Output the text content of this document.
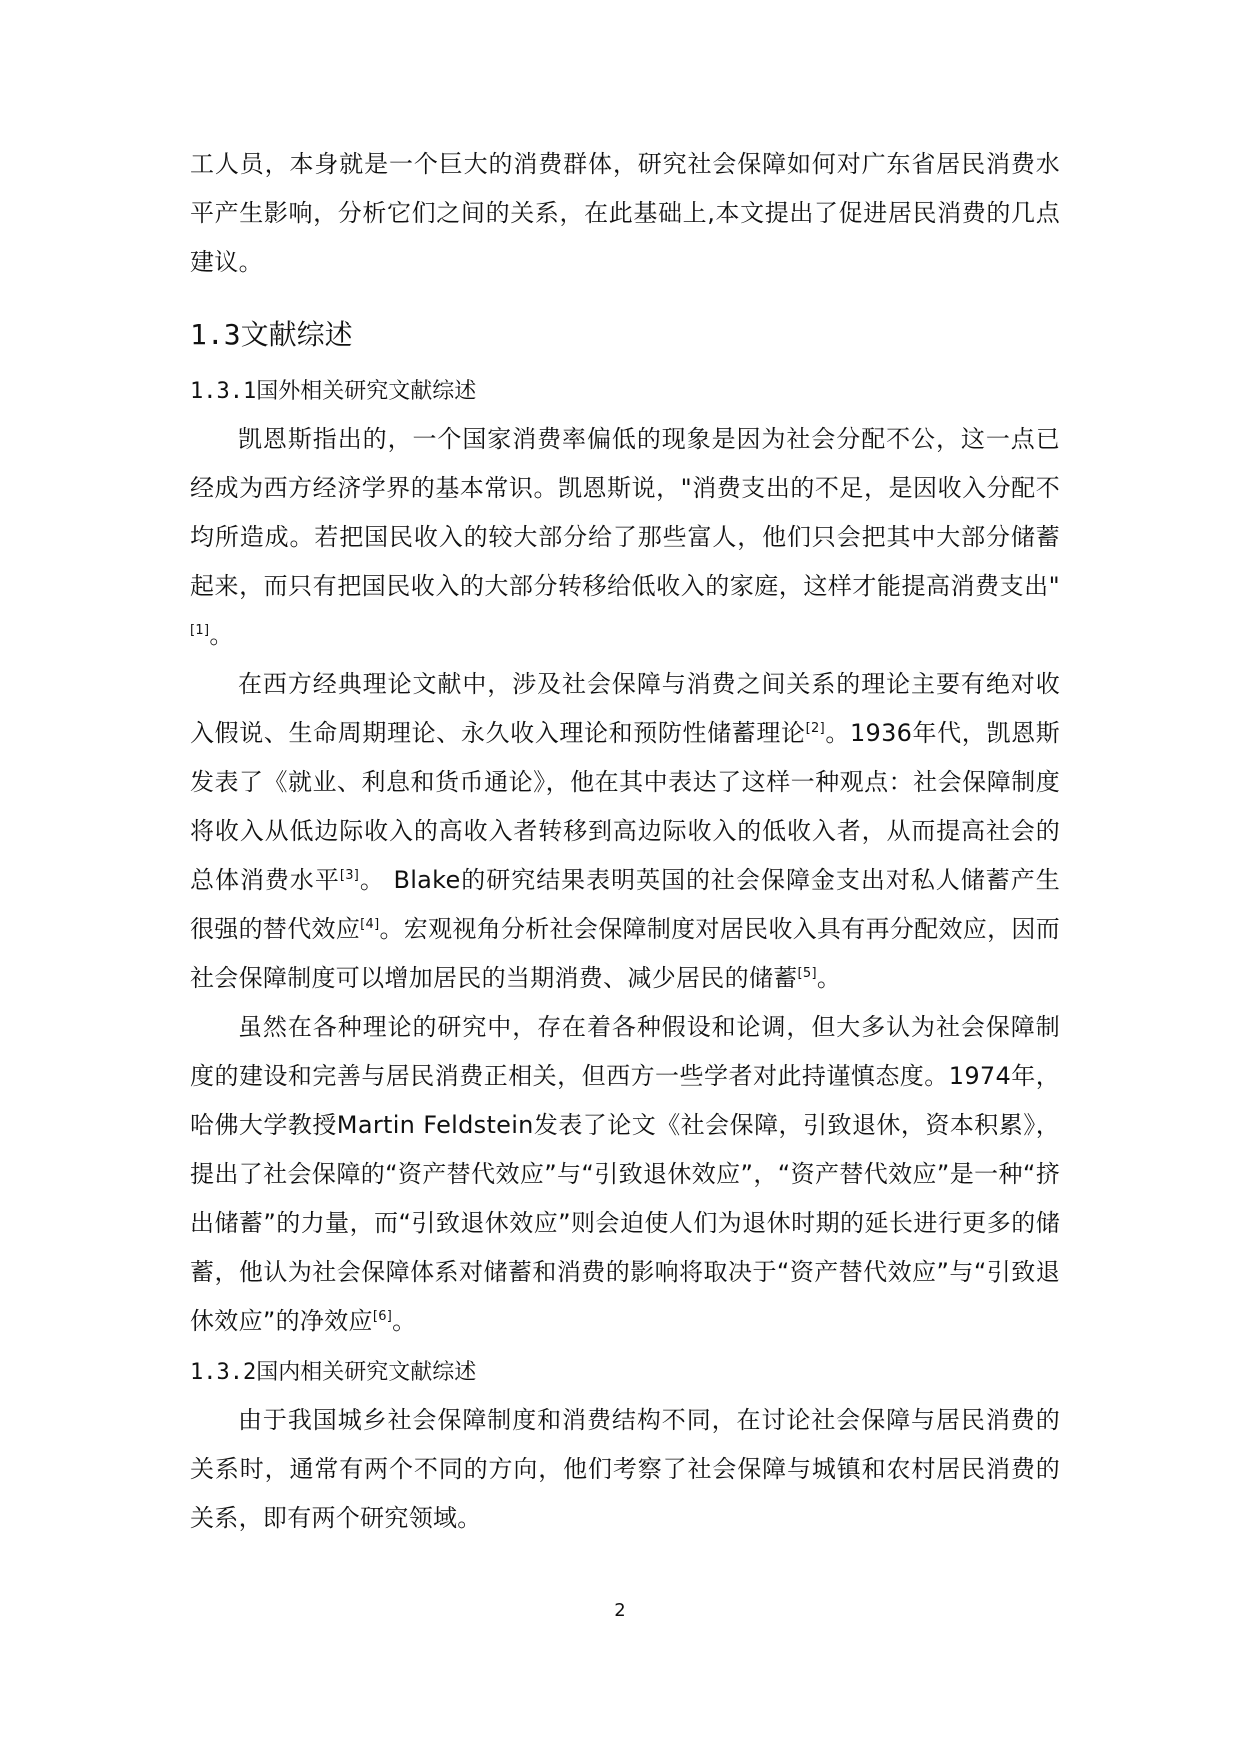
工人员，本身就是一个巨大的消费群体，研究社会保障如何对广东省居民消费水平产生影响，分析它们之间的关系，在此基础上,本文提出了促进居民消费的几点建议。

1.3文献综述
1.3.1国外相关研究文献综述

凯恩斯指出的，一个国家消费率偏低的现象是因为社会分配不公，这一点已经成为西方经济学界的基本常识。凯恩斯说，"消费支出的不足，是因收入分配不均所造成。若把国民收入的较大部分给了那些富人，他们只会把其中大部分储蓄起来，而只有把国民收入的大部分转移给低收入的家庭，这样才能提高消费支出"[1]。

在西方经典理论文献中，涉及社会保障与消费之间关系的理论主要有绝对收入假说、生命周期理论、永久收入理论和预防性储蓄理论[2]。1936年代，凯恩斯发表了《就业、利息和货币通论》，他在其中表达了这样一种观点：社会保障制度将收入从低边际收入的高收入者转移到高边际收入的低收入者，从而提高社会的总体消费水平[3]。 Blake的研究结果表明英国的社会保障金支出对私人储蓄产生很强的替代效应[4]。宏观视角分析社会保障制度对居民收入具有再分配效应，因而社会保障制度可以增加居民的当期消费、减少居民的储蓄[5]。

虽然在各种理论的研究中，存在着各种假设和论调，但大多认为社会保障制度的建设和完善与居民消费正相关，但西方一些学者对此持谨慎态度。1974年，哈佛大学教授Martin Feldstein发表了论文《社会保障，引致退休，资本积累》，提出了社会保障的“资产替代效应”与“引致退休效应”，“资产替代效应”是一种“挤出储蓄”的力量，而“引致退休效应”则会迫使人们为退休时期的延长进行更多的储蓄，他认为社会保障体系对储蓄和消费的影响将取决于“资产替代效应”与“引致退休效应”的净效应[6]。

1.3.2国内相关研究文献综述

由于我国城乡社会保障制度和消费结构不同，在讨论社会保障与居民消费的关系时，通常有两个不同的方向，他们考察了社会保障与城镇和农村居民消费的关系，即有两个研究领域。

2
